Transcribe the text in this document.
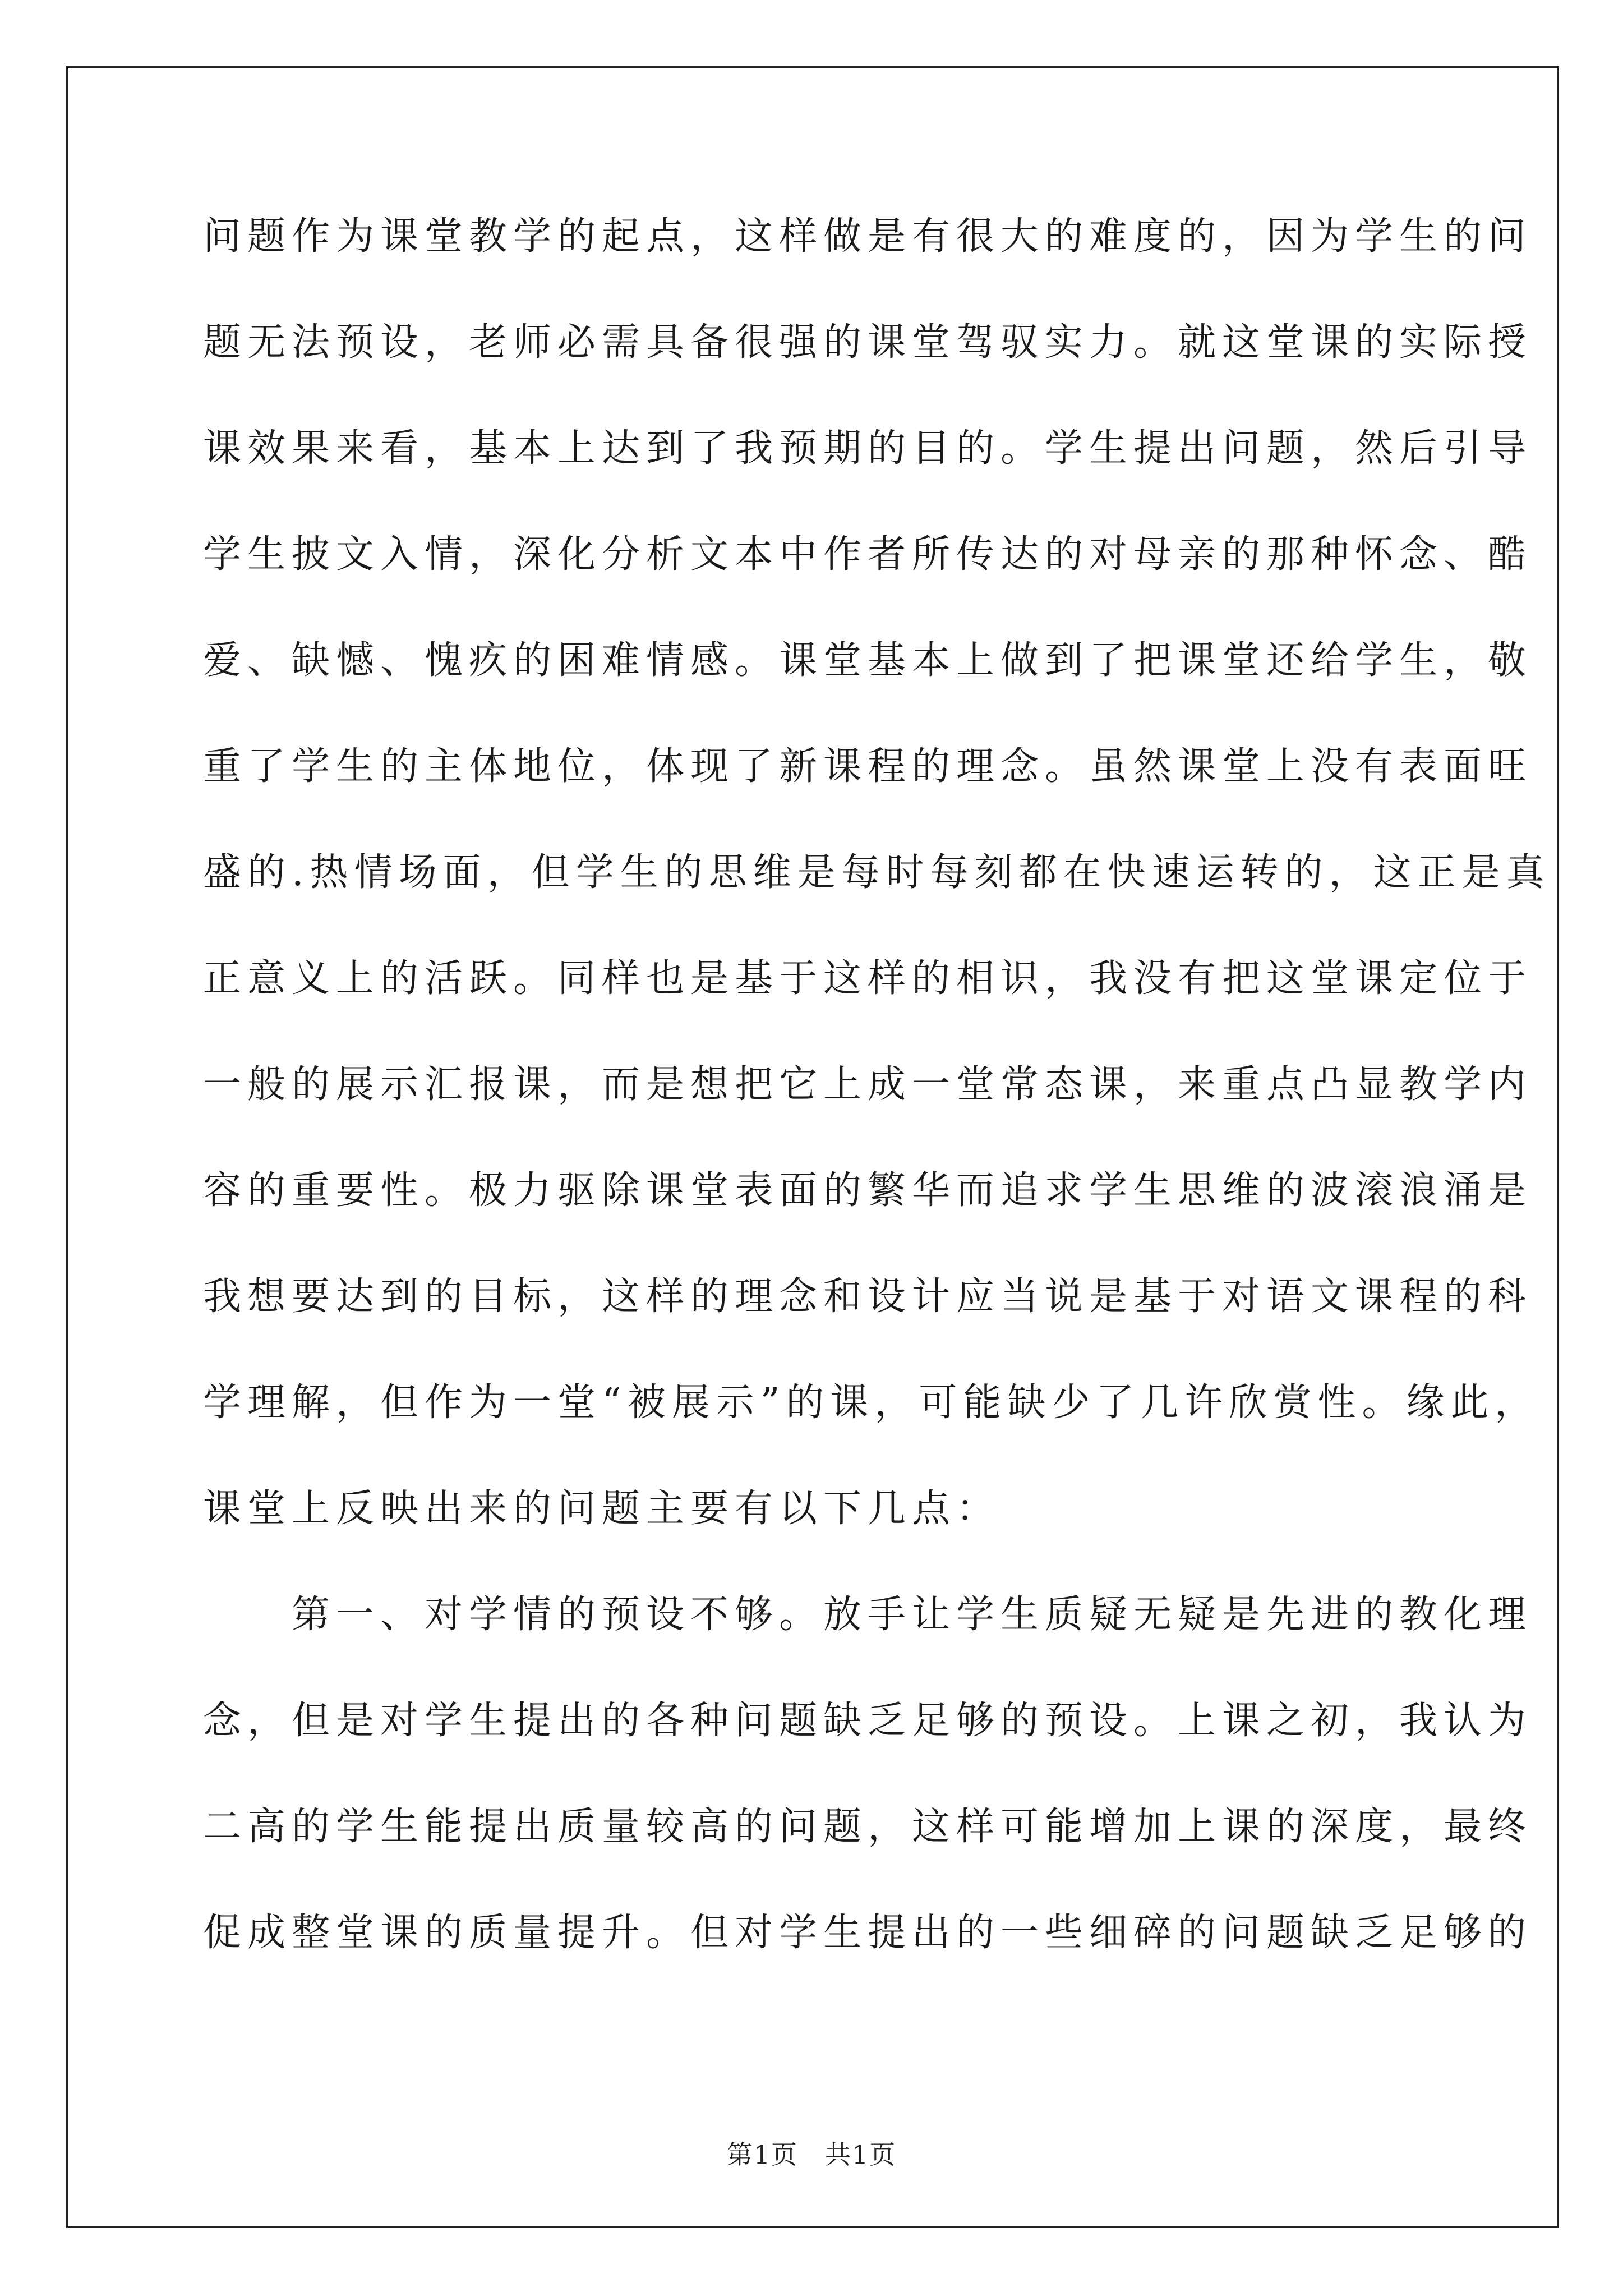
问题作为课堂教学的起点，这样做是有很大的难度的，因为学生的问
题无法预设，老师必需具备很强的课堂驾驭实力。就这堂课的实际授
课效果来看，基本上达到了我预期的目的。学生提出问题，然后引导
学生披文入情，深化分析文本中作者所传达的对母亲的那种怀念、酷
爱、缺憾、愧疚的困难情感。课堂基本上做到了把课堂还给学生，敬
重了学生的主体地位，体现了新课程的理念。虽然课堂上没有表面旺
盛的.热情场面，但学生的思维是每时每刻都在快速运转的，这正是真
正意义上的活跃。同样也是基于这样的相识，我没有把这堂课定位于
一般的展示汇报课，而是想把它上成一堂常态课，来重点凸显教学内
容的重要性。极力驱除课堂表面的繁华而追求学生思维的波滚浪涌是
我想要达到的目标，这样的理念和设计应当说是基于对语文课程的科
学理解，但作为一堂“被展示”的课，可能缺少了几许欣赏性。缘此，
课堂上反映出来的问题主要有以下几点：
　　第一、对学情的预设不够。放手让学生质疑无疑是先进的教化理
念，但是对学生提出的各种问题缺乏足够的预设。上课之初，我认为
二高的学生能提出质量较高的问题，这样可能增加上课的深度，最终
促成整堂课的质量提升。但对学生提出的一些细碎的问题缺乏足够的
第1页　共1页
